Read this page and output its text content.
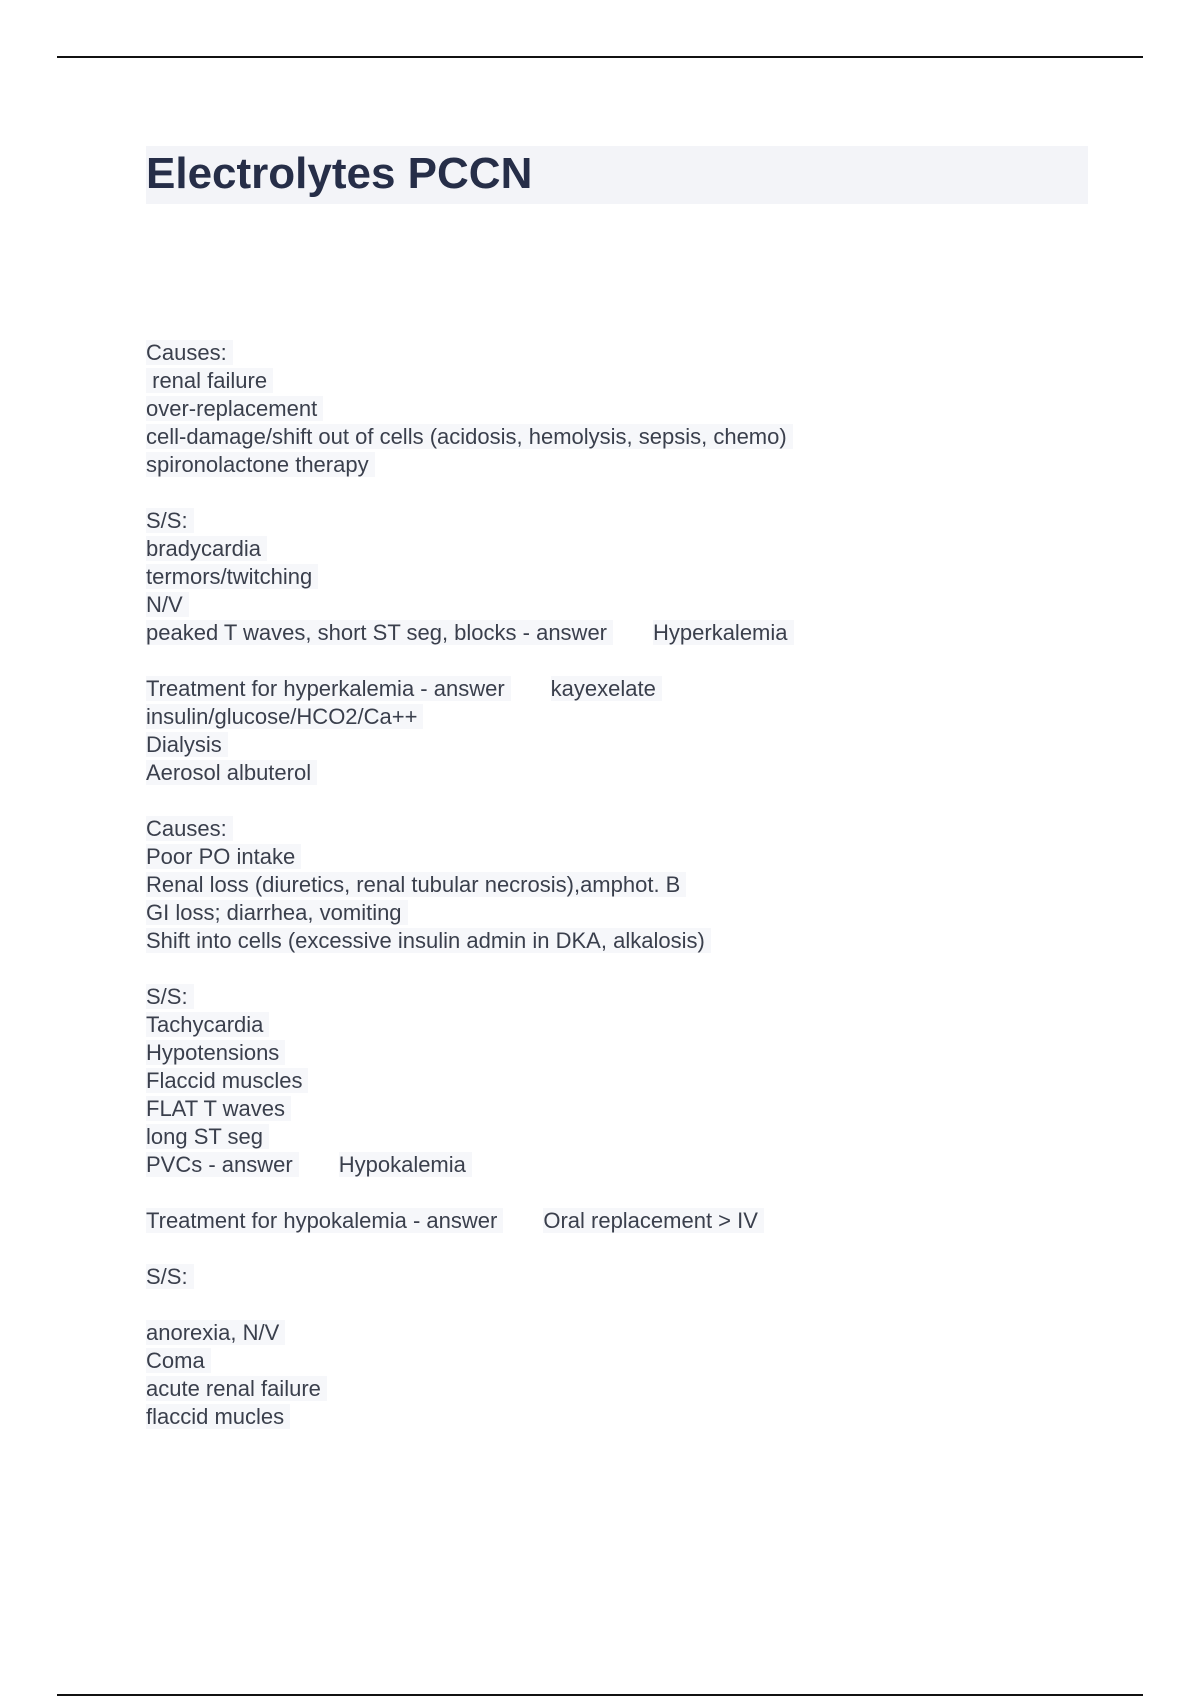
Electrolytes PCCN
Causes:
renal failure
over-replacement
cell-damage/shift out of cells (acidosis, hemolysis, sepsis, chemo)
spironolactone therapy
S/S:
bradycardia
termors/twitching
N/V
peaked T waves, short ST seg, blocks - answer Hyperkalemia
Treatment for hyperkalemia - answer kayexelate
insulin/glucose/HCO2/Ca++
Dialysis
Aerosol albuterol
Causes:
Poor PO intake
Renal loss (diuretics, renal tubular necrosis),amphot. B
GI loss; diarrhea, vomiting
Shift into cells (excessive insulin admin in DKA, alkalosis)
S/S:
Tachycardia
Hypotensions
Flaccid muscles
FLAT T waves
long ST seg
PVCs - answer Hypokalemia
Treatment for hypokalemia - answer Oral replacement > IV
S/S:
anorexia, N/V
Coma
acute renal failure
flaccid mucles
